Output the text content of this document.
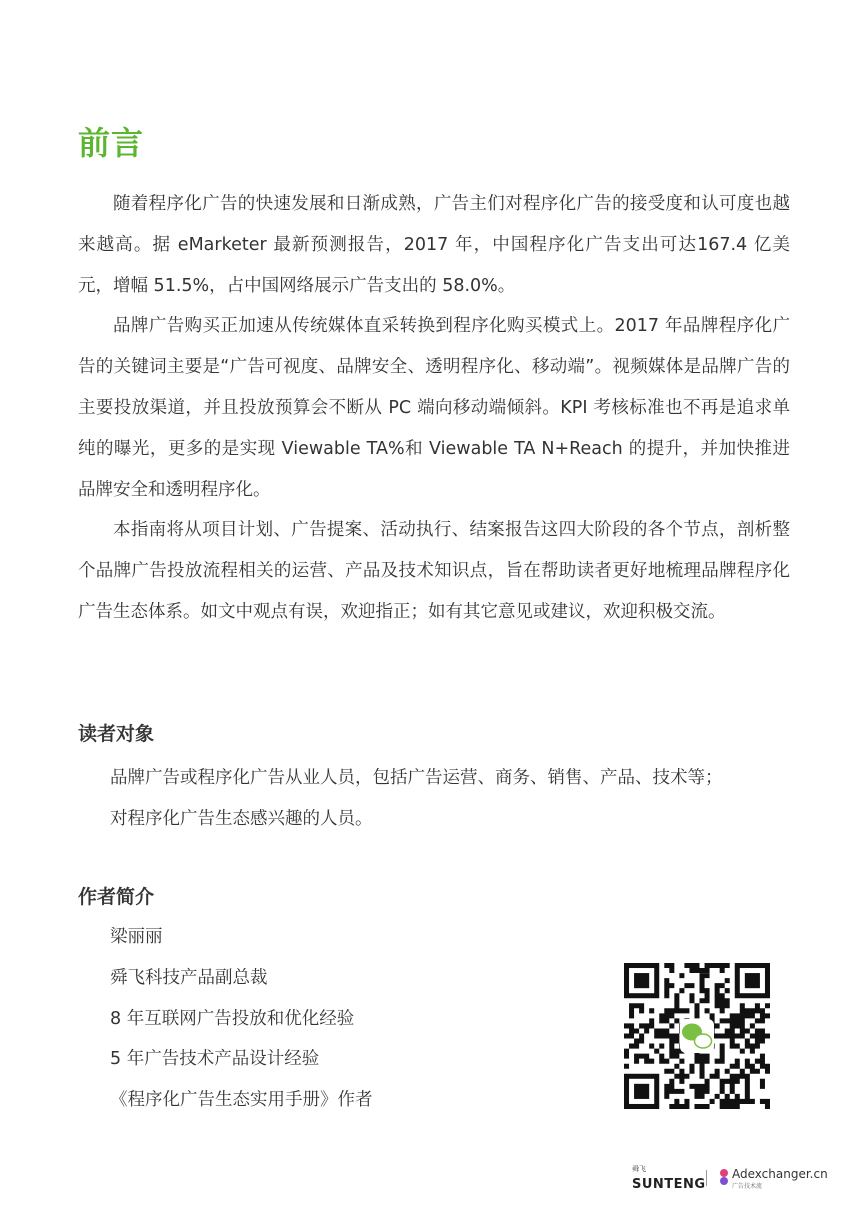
前言

随着程序化广告的快速发展和日渐成熟，广告主们对程序化广告的接受度和认可度也越来越高。据 eMarketer 最新预测报告，2017 年，中国程序化广告支出可达167.4 亿美元，增幅 51.5%，占中国网络展示广告支出的 58.0%。

品牌广告购买正加速从传统媒体直采转换到程序化购买模式上。2017 年品牌程序化广告的关键词主要是“广告可视度、品牌安全、透明程序化、移动端”。视频媒体是品牌广告的主要投放渠道，并且投放预算会不断从 PC 端向移动端倾斜。KPI 考核标准也不再是追求单纯的曝光，更多的是实现 Viewable TA%和 Viewable TA N+Reach 的提升，并加快推进品牌安全和透明程序化。

本指南将从项目计划、广告提案、活动执行、结案报告这四大阶段的各个节点，剖析整个品牌广告投放流程相关的运营、产品及技术知识点，旨在帮助读者更好地梳理品牌程序化广告生态体系。如文中观点有误，欢迎指正；如有其它意见或建议，欢迎积极交流。

读者对象

品牌广告或程序化广告从业人员，包括广告运营、商务、销售、产品、技术等；

对程序化广告生态感兴趣的人员。

作者简介

梁丽丽

舜飞科技产品副总裁

8 年互联网广告投放和优化经验

5 年广告技术产品设计经验

《程序化广告生态实用手册》作者

舜飞
SUNTENG
Adexchanger.cn
广告技术流
